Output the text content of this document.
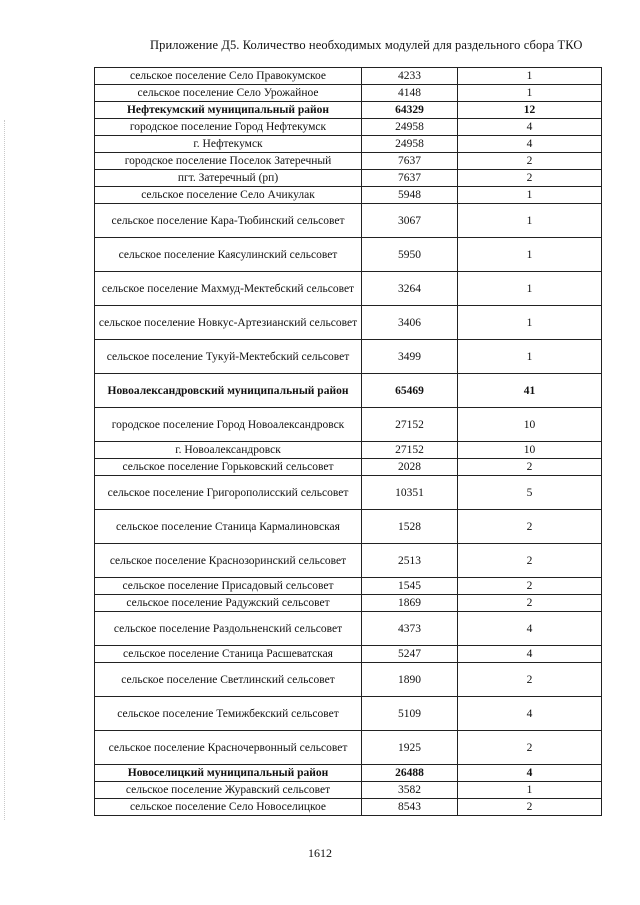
Приложение Д5. Количество необходимых модулей для раздельного сбора ТКО
сельское поселение Село Правокумское	4233	1
сельское поселение Село Урожайное	4148	1
Нефтекумский муниципальный район	64329	12
городское поселение Город Нефтекумск	24958	4
г. Нефтекумск	24958	4
городское поселение Поселок Затеречный	7637	2
пгт. Затеречный (рп)	7637	2
сельское поселение Село Ачикулак	5948	1
сельское поселение Кара-Тюбинский сельсовет	3067	1
сельское поселение Каясулинский сельсовет	5950	1
сельское поселение Махмуд-Мектебский сельсовет	3264	1
сельское поселение Новкус-Артезианский сельсовет	3406	1
сельское поселение Тукуй-Мектебский сельсовет	3499	1
Новоалександровский муниципальный район	65469	41
городское поселение Город Новоалександровск	27152	10
г. Новоалександровск	27152	10
сельское поселение Горьковский сельсовет	2028	2
сельское поселение Григорополисский сельсовет	10351	5
сельское поселение Станица Кармалиновская	1528	2
сельское поселение Краснозоринский сельсовет	2513	2
сельское поселение Присадовый сельсовет	1545	2
сельское поселение Радужский сельсовет	1869	2
сельское поселение Раздольненский сельсовет	4373	4
сельское поселение Станица Расшеватская	5247	4
сельское поселение Светлинский сельсовет	1890	2
сельское поселение Темижбекский сельсовет	5109	4
сельское поселение Красночервонный сельсовет	1925	2
Новоселицкий муниципальный район	26488	4
сельское поселение Журавский сельсовет	3582	1
сельское поселение Село Новоселицкое	8543	2
1612
